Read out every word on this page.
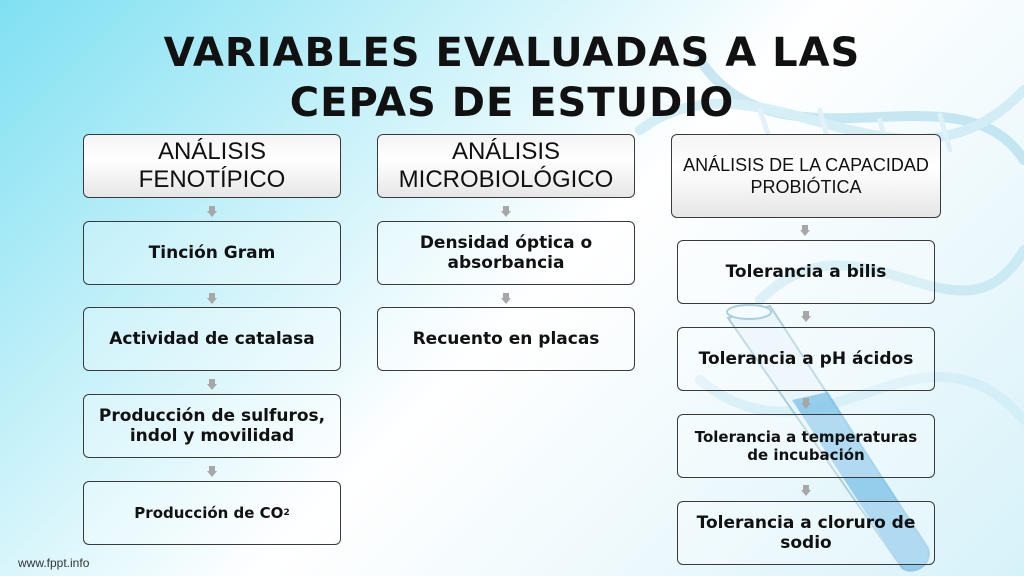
VARIABLES EVALUADAS A LAS CEPAS DE ESTUDIO
ANÁLISIS FENOTÍPICO
Tinción Gram
Actividad de catalasa
Producción de sulfuros, indol y movilidad
Producción de CO 2
ANÁLISIS MICROBIOLÓGICO
Densidad óptica o absorbancia
Recuento en placas
ANÁLISIS DE LA CAPACIDAD PROBIÓTICA
Tolerancia a bilis
Tolerancia a pH ácidos
Tolerancia a temperaturas de incubación
Tolerancia a cloruro de sodio
www.fppt.info
